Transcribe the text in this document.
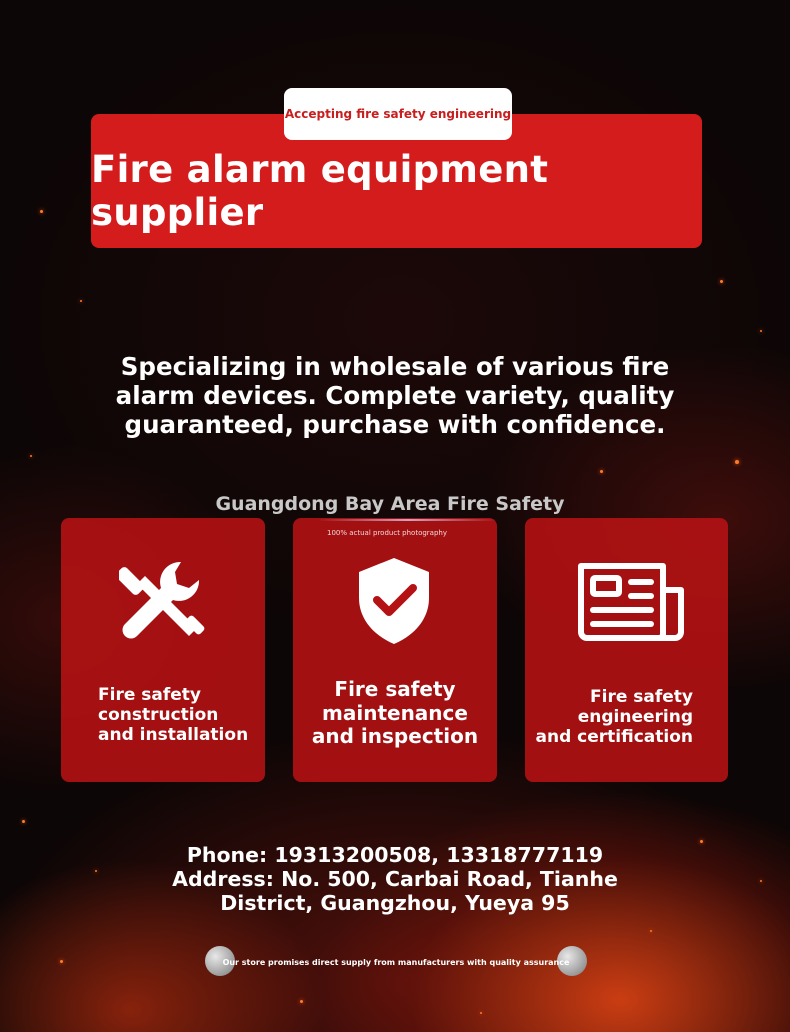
Accepting fire safety engineering
Fire alarm equipment supplier
Specializing in wholesale of various fire
alarm devices. Complete variety, quality
guaranteed, purchase with confidence.
Guangdong Bay Area Fire Safety
Fire safety
construction
and installation
100% actual product photography
Fire safety
maintenance
and inspection
Fire safety
engineering
and certification
Phone: 19313200508, 13318777119
Address: No. 500, Carbai Road, Tianhe
District, Guangzhou, Yueya 95
Our store promises direct supply from manufacturers with quality assurance
